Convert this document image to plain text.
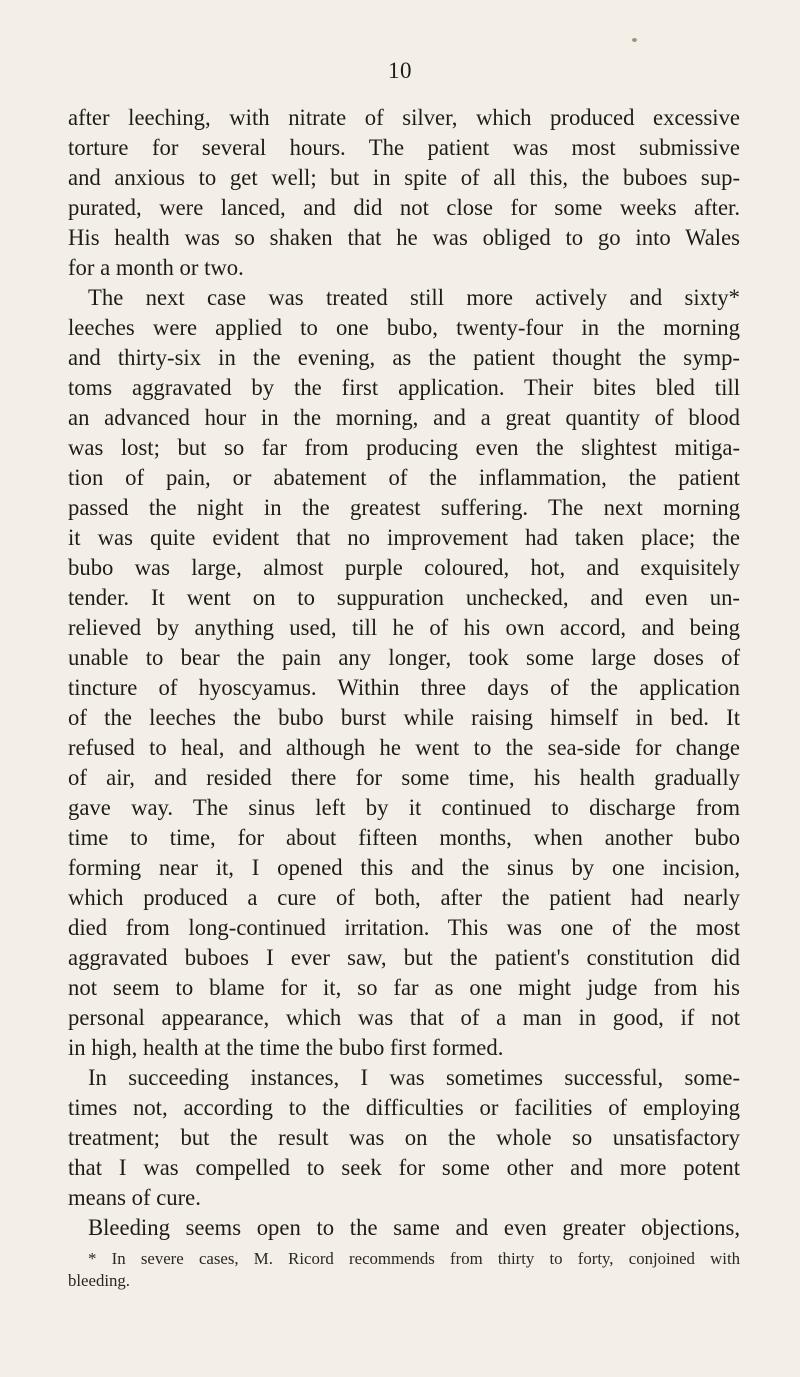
10
after leeching, with nitrate of silver, which produced excessive
torture for several hours. The patient was most submissive
and anxious to get well; but in spite of all this, the buboes sup-
purated, were lanced, and did not close for some weeks after.
His health was so shaken that he was obliged to go into Wales
for a month or two.
The next case was treated still more actively and sixty*
leeches were applied to one bubo, twenty-four in the morning
and thirty-six in the evening, as the patient thought the symp-
toms aggravated by the first application. Their bites bled till
an advanced hour in the morning, and a great quantity of blood
was lost; but so far from producing even the slightest mitiga-
tion of pain, or abatement of the inflammation, the patient
passed the night in the greatest suffering. The next morning
it was quite evident that no improvement had taken place; the
bubo was large, almost purple coloured, hot, and exquisitely
tender. It went on to suppuration unchecked, and even un-
relieved by anything used, till he of his own accord, and being
unable to bear the pain any longer, took some large doses of
tincture of hyoscyamus. Within three days of the application
of the leeches the bubo burst while raising himself in bed. It
refused to heal, and although he went to the sea-side for change
of air, and resided there for some time, his health gradually
gave way. The sinus left by it continued to discharge from
time to time, for about fifteen months, when another bubo
forming near it, I opened this and the sinus by one incision,
which produced a cure of both, after the patient had nearly
died from long-continued irritation. This was one of the most
aggravated buboes I ever saw, but the patient's constitution did
not seem to blame for it, so far as one might judge from his
personal appearance, which was that of a man in good, if not
in high, health at the time the bubo first formed.
In succeeding instances, I was sometimes successful, some-
times not, according to the difficulties or facilities of employing
treatment; but the result was on the whole so unsatisfactory
that I was compelled to seek for some other and more potent
means of cure.
Bleeding seems open to the same and even greater objections,
* In severe cases, M. Ricord recommends from thirty to forty, conjoined with
bleeding.
